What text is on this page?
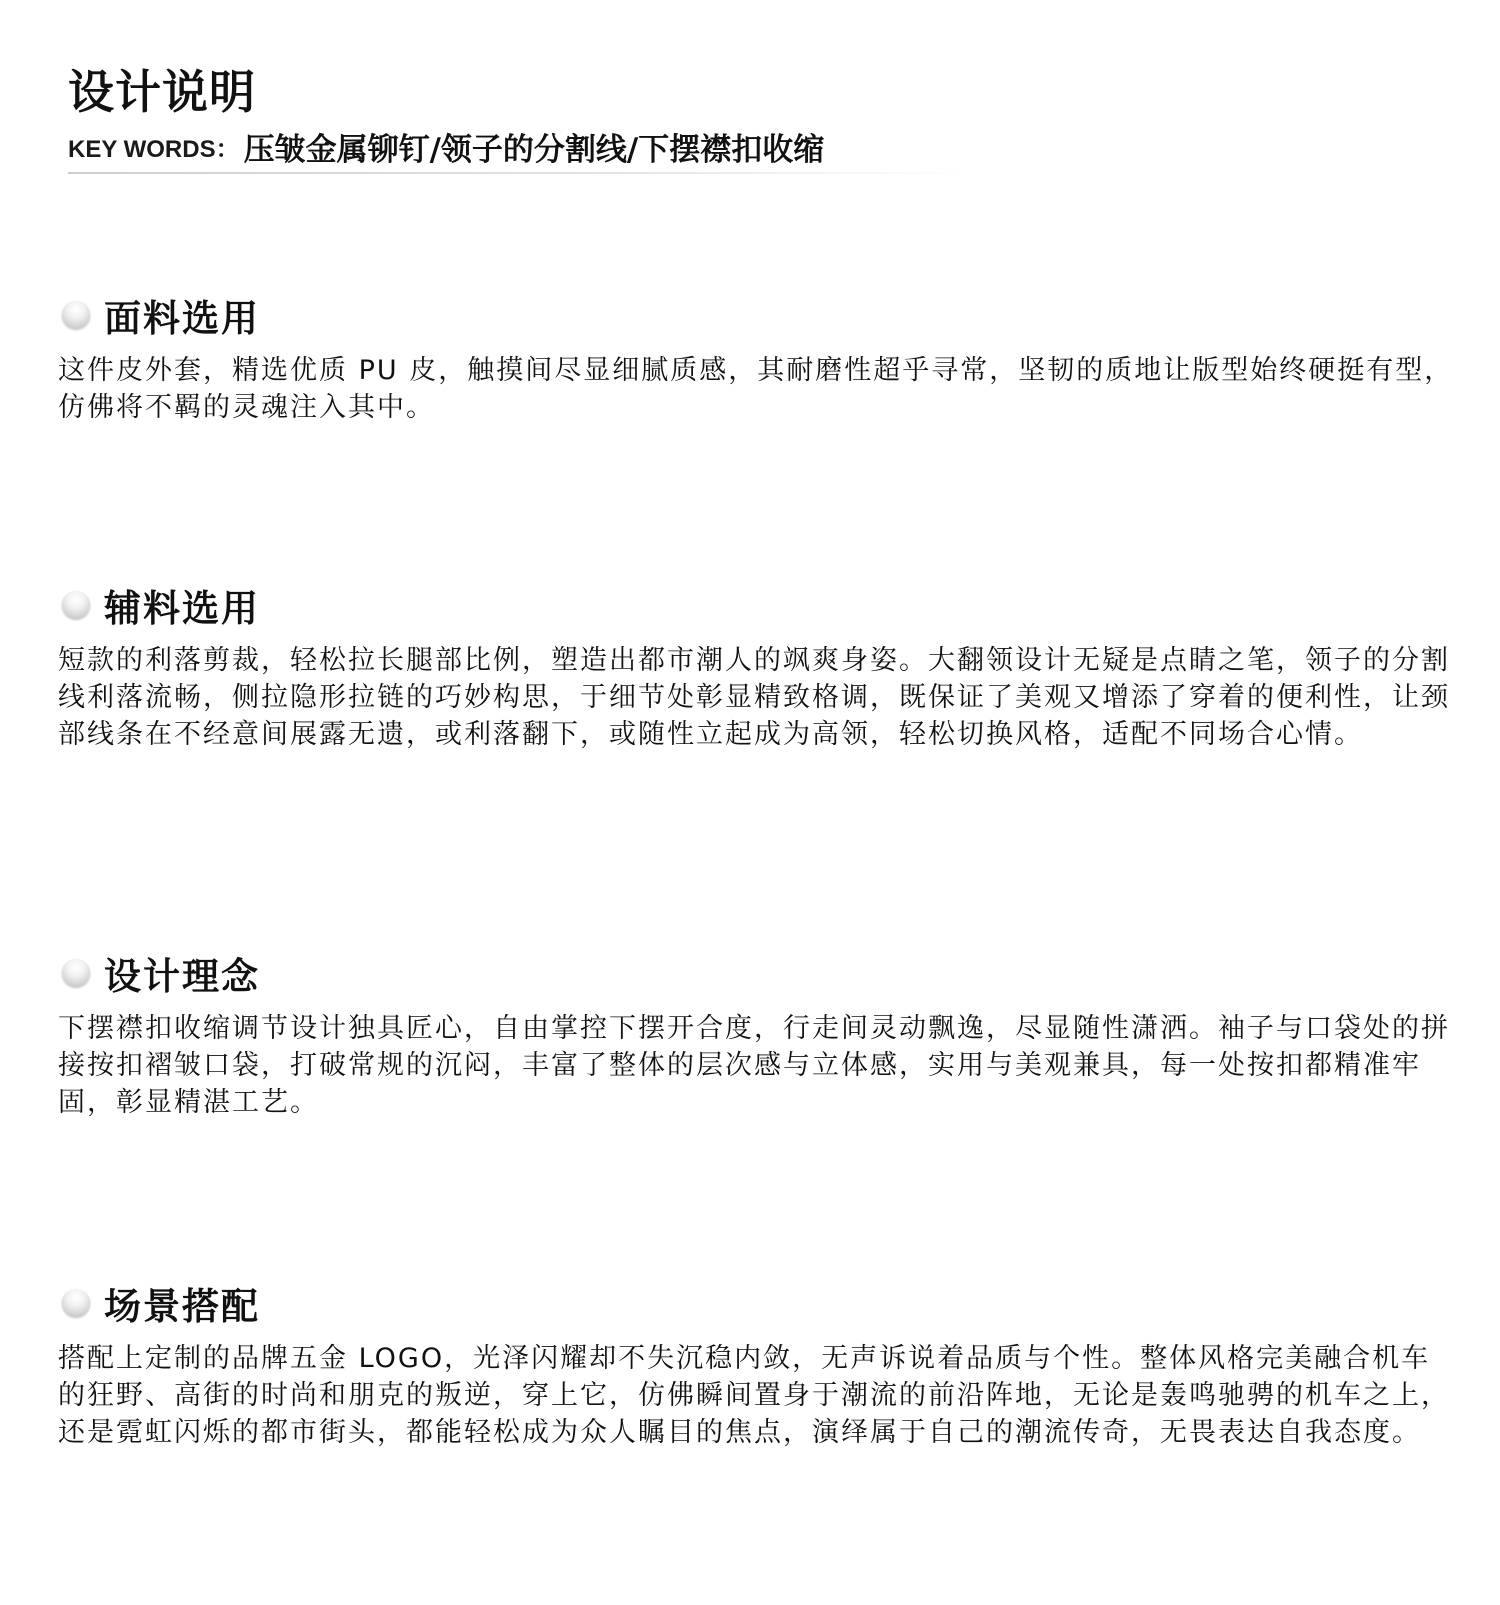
设计说明
KEY WORDS： 压皱金属铆钉/领子的分割线/下摆襟扣收缩
面料选用
这件皮外套，精选优质 PU 皮，触摸间尽显细腻质感，其耐磨性超乎寻常，坚韧的质地让版型始终硬挺有型，仿佛将不羁的灵魂注入其中。
辅料选用
短款的利落剪裁，轻松拉长腿部比例，塑造出都市潮人的飒爽身姿。大翻领设计无疑是点睛之笔，领子的分割线利落流畅，侧拉隐形拉链的巧妙构思，于细节处彰显精致格调，既保证了美观又增添了穿着的便利性，让颈部线条在不经意间展露无遗，或利落翻下，或随性立起成为高领，轻松切换风格，适配不同场合心情。
设计理念
下摆襟扣收缩调节设计独具匠心，自由掌控下摆开合度，行走间灵动飘逸，尽显随性潇洒。袖子与口袋处的拼接按扣褶皱口袋，打破常规的沉闷，丰富了整体的层次感与立体感，实用与美观兼具，每一处按扣都精准牢固，彰显精湛工艺。
场景搭配
搭配上定制的品牌五金 LOGO，光泽闪耀却不失沉稳内敛，无声诉说着品质与个性。整体风格完美融合机车的狂野、高街的时尚和朋克的叛逆，穿上它，仿佛瞬间置身于潮流的前沿阵地，无论是轰鸣驰骋的机车之上，还是霓虹闪烁的都市街头，都能轻松成为众人瞩目的焦点，演绎属于自己的潮流传奇，无畏表达自我态度。
